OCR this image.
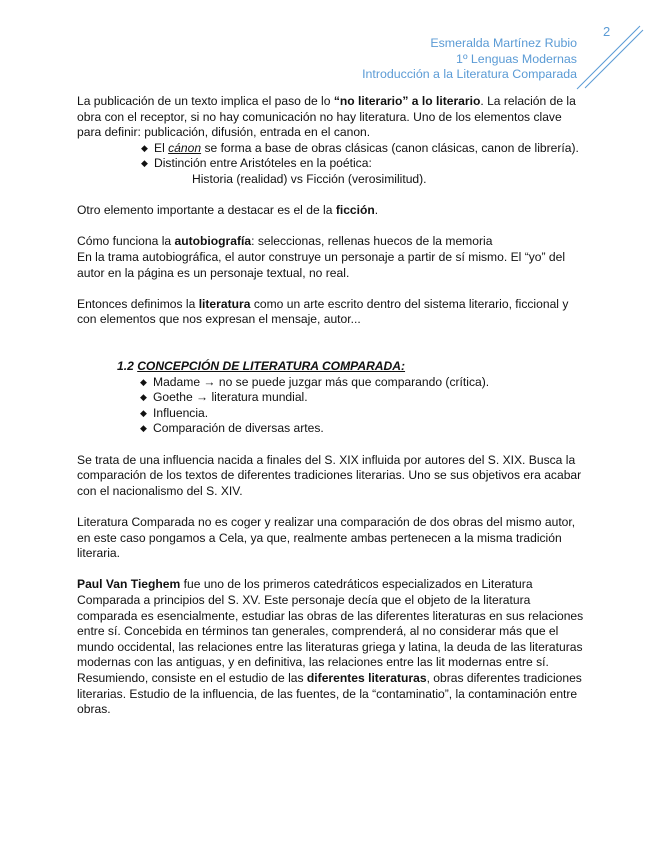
2
Esmeralda Martínez Rubio
1º Lenguas Modernas
Introducción a la Literatura Comparada

La publicación de un texto implica el paso de lo “no literario” a lo literario. La relación de la obra con el receptor, si no hay comunicación no hay literatura. Uno de los elementos clave para definir: publicación, difusión, entrada en el canon.

◆ El cánon se forma a base de obras clásicas (canon clásicas, canon de librería).
◆ Distinción entre Aristóteles en la poética:

Historia (realidad) vs Ficción (verosimilitud).

Otro elemento importante a destacar es el de la ficción.

Cómo funciona la autobiografía: seleccionas, rellenas huecos de la memoria

En la trama autobiográfica, el autor construye un personaje a partir de sí mismo. El “yo” del autor en la página es un personaje textual, no real.

Entonces definimos la literatura como un arte escrito dentro del sistema literario, ficcional y con elementos que nos expresan el mensaje, autor...

1.2 CONCEPCIÓN DE LITERATURA COMPARADA:

◆ Madame → no se puede juzgar más que comparando (crítica).
◆ Goethe → literatura mundial.
◆ Influencia.
◆ Comparación de diversas artes.

Se trata de una influencia nacida a finales del S. XIX influida por autores del S. XIX. Busca la comparación de los textos de diferentes tradiciones literarias. Uno se sus objetivos era acabar con el nacionalismo del S. XIV.

Literatura Comparada no es coger y realizar una comparación de dos obras del mismo autor, en este caso pongamos a Cela, ya que, realmente ambas pertenecen a la misma tradición literaria.

Paul Van Tieghem fue uno de los primeros catedráticos especializados en Literatura Comparada a principios del S. XV. Este personaje decía que el objeto de la literatura comparada es esencialmente, estudiar las obras de las diferentes literaturas en sus relaciones entre sí. Concebida en términos tan generales, comprenderá, al no considerar más que el mundo occidental, las relaciones entre las literaturas griega y latina, la deuda de las literaturas modernas con las antiguas, y en definitiva, las relaciones entre las lit modernas entre sí. Resumiendo, consiste en el estudio de las diferentes literaturas, obras diferentes tradiciones literarias. Estudio de la influencia, de las fuentes, de la “contaminatio”, la contaminación entre obras.
